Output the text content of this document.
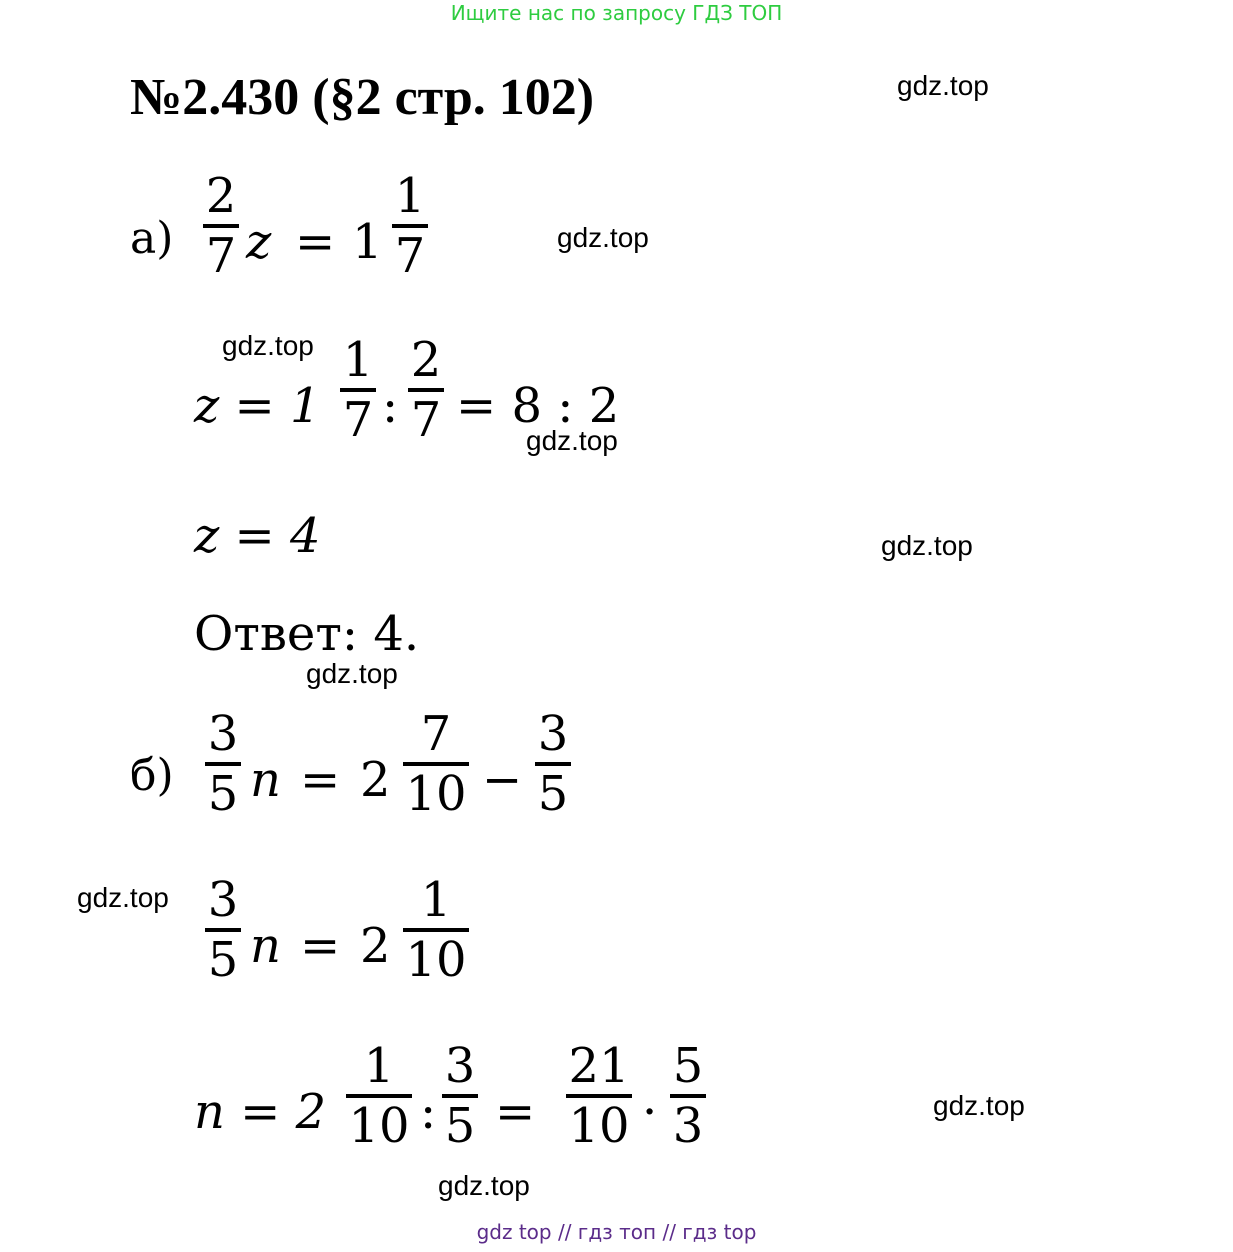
Ищите нас по запросу ГДЗ ТОП
№2.430 (§2 стр. 102)	gdz.top
gdz.top
gdz.top
gdz.top
gdz.top
gdz.top
gdz.top
gdz.top
gdz.top
а)
2
7 z = 1
1
7
z = 1
1
7 :
2
7 = 8 : 2
z = 4
Ответ: 4.
б)
3
5 n = 2
7
10 −
3
5
3
5 n = 2
1
10
n = 2
1
10 :
3
5 =
21
10 ·
5
3
gdz top // гдз топ // гдз top
